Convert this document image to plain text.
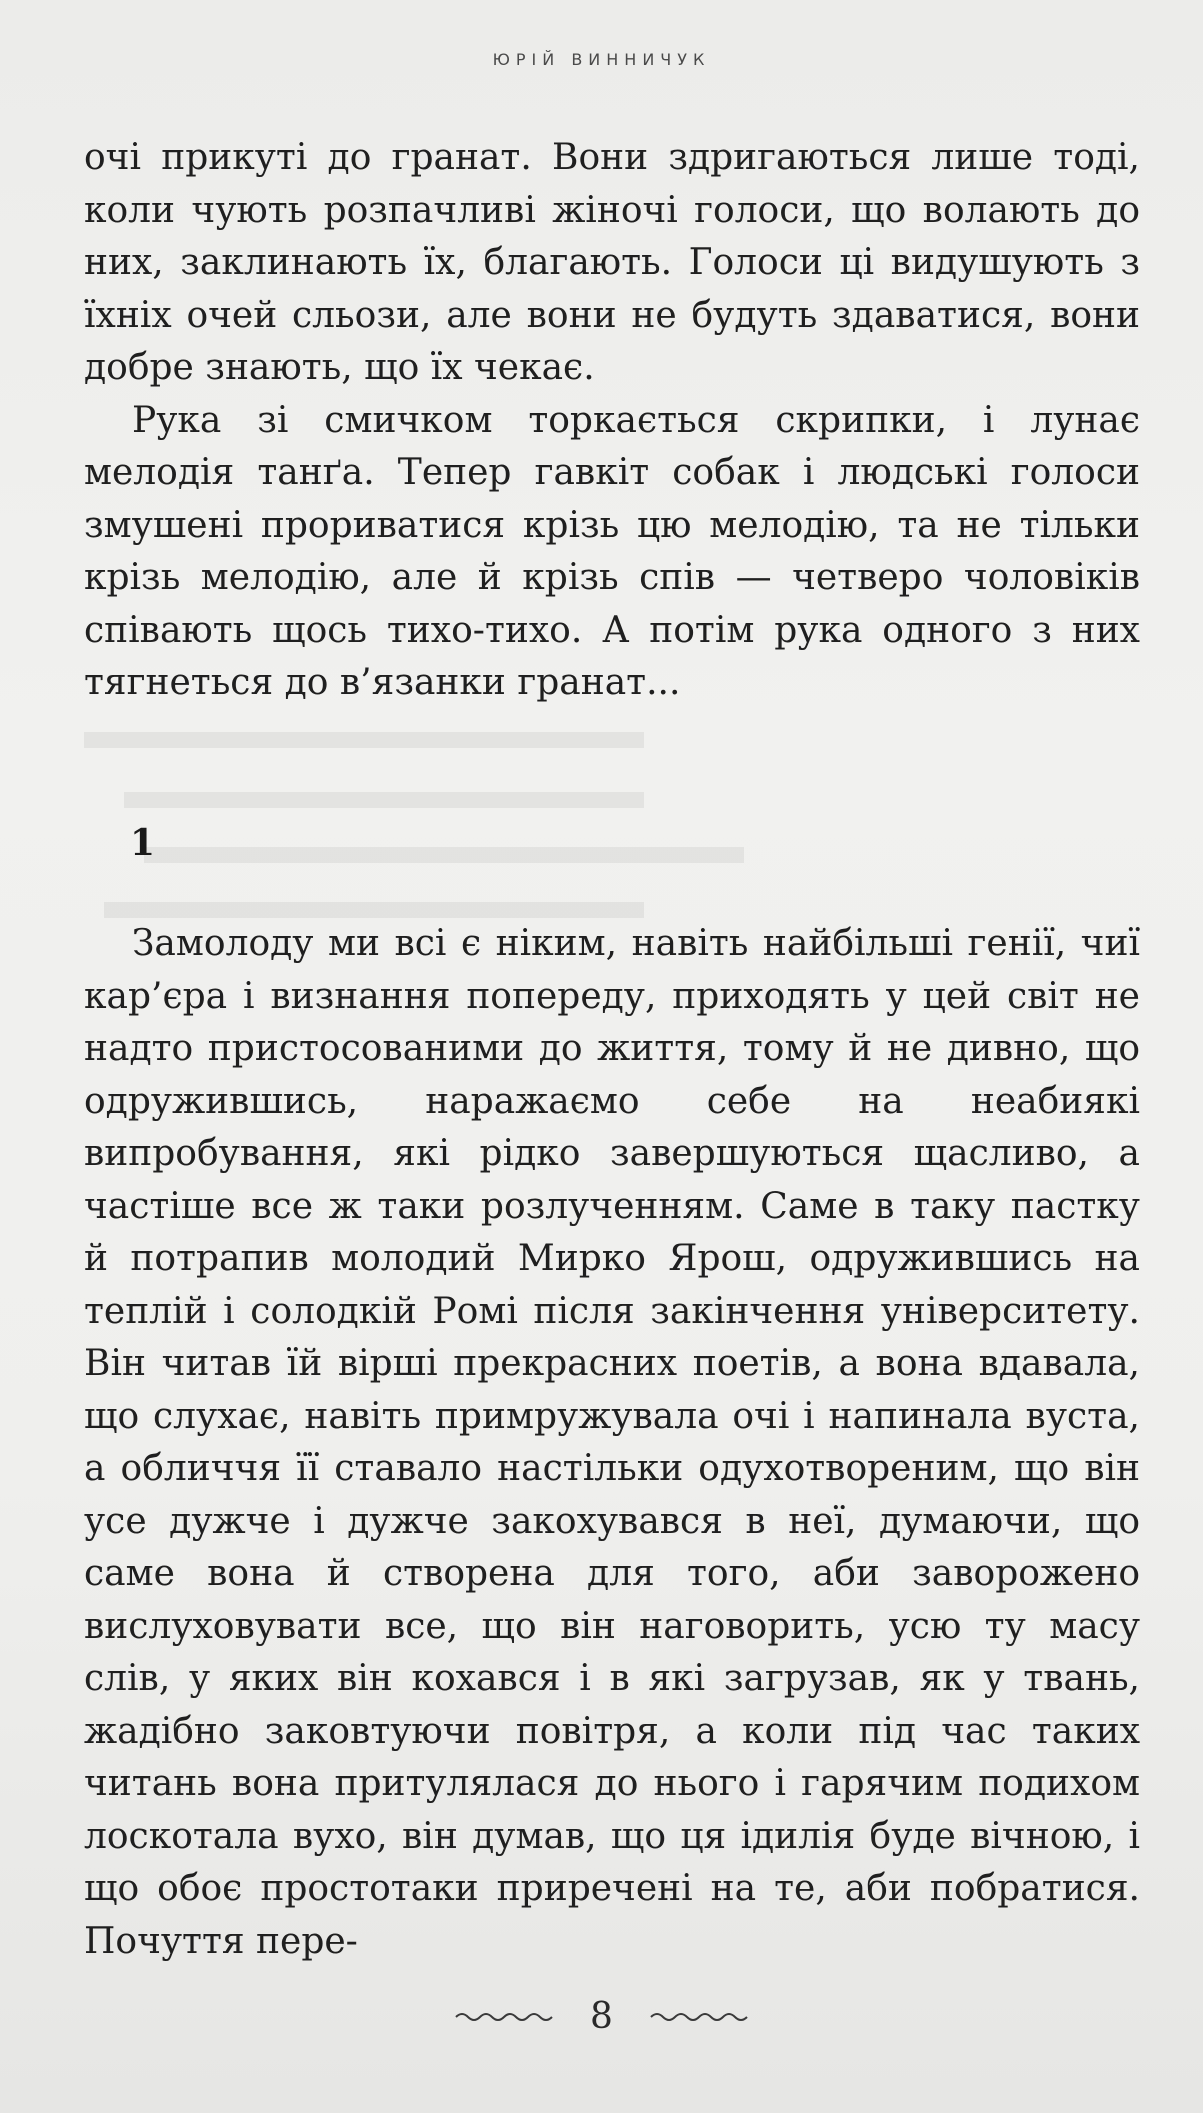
ЮРІЙ ВИННИЧУК

очі прикуті до гранат. Вони здригаються лише тоді, коли чують розпачливі жіночі голоси, що волають до них, заклинають їх, благають. Голоси ці видушують з їхніх очей сльози, але вони не будуть здаватися, вони добре знають, що їх чекає.

Рука зі смичком торкається скрипки, і лунає мелодія танґа. Тепер гавкіт собак і людські голоси змушені прориватися крізь цю мелодію, та не тільки крізь мелодію, але й крізь спів — четверо чоловіків співають щось тихо-тихо. А потім рука одного з них тягнеться до в’язанки гранат...

1

Замолоду ми всі є ніким, навіть найбільші генії, чиї кар’єра і визнання попереду, приходять у цей світ не надто пристосованими до життя, тому й не дивно, що одружившись, наражаємо себе на неабиякі випробування, які рідко завершуються щасливо, а частіше все ж таки розлученням. Саме в таку пастку й потрапив молодий Мирко Ярош, одружившись на теплій і солодкій Ромі після закінчення університету. Він читав їй вірші прекрасних поетів, а вона вдавала, що слухає, навіть примружувала очі і напинала вуста, а обличчя її ставало настільки одухотвореним, що він усе дужче і дужче закохувався в неї, думаючи, що саме вона й створена для того, аби заворожено вислуховувати все, що він наговорить, усю ту масу слів, у яких він кохався і в які загрузав, як у твань, жадібно заковтуючи повітря, а коли під час таких читань вона притулялася до нього і гарячим подихом лоскотала вухо, він думав, що ця ідилія буде вічною, і що обоє простотаки приречені на те, аби побратися. Почуття пере-

8
